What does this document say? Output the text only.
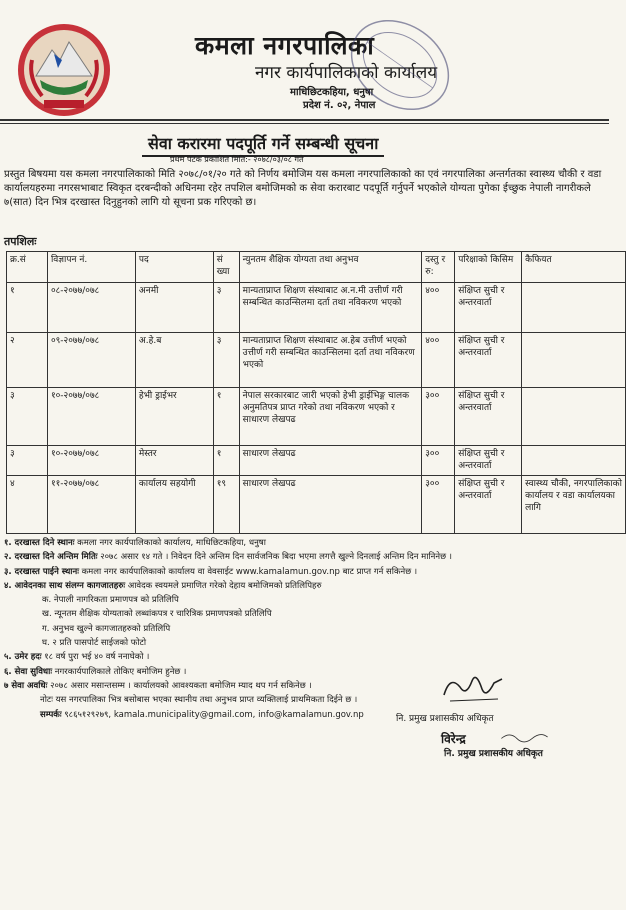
कमला नगरपालिका
नगर कार्यपालिकाको कार्यालय
माधिछिटकहिया, धनुषा
प्रदेश नं. ०२, नेपाल
सेवा करारमा पदपूर्ति गर्ने सम्बन्धी सूचना
प्रथम पटक प्रकाशित मिति:- २०७८/०३/०८ गते
प्रस्तुत बिषयमा यस कमला नगरपालिकाको मिति २०७८/०१/२० गते को निर्णय बमोजिम यस कमला नगरपालिकाको का एवं नगरपालिका अन्तर्गतका स्वास्थ्य चौकी र वडा कार्यालयहरुमा नगरसभाबाट स्विकृत दरबन्दीको अधिनमा रहेर तपशिल बमोजिमको क सेवा करारबाट पदपूर्ति गर्नुपर्ने भएकोले योग्यता पुगेका ईच्छुक नेपाली नागरीकले ७(सात) दिन भित्र दरखास्त दिनुहुनको लागि यो सूचना प्रक गरिएको छ।
तपशिलः
क्र.सं	विज्ञापन नं.	पद	सं ख्या	न्युनतम शैक्षिक योग्यता तथा अनुभव	दस्तु र रु:	परिक्षाको किसिम	कैफियत
१	०८-२०७७/०७८	अनमी	३	मान्यताप्राप्त शिक्षण संस्थाबाट अ.न.मी उत्तीर्ण गरी सम्बन्धित काउन्सिलमा दर्ता तथा नविकरण भएको	४००	संक्षिप्त सुची र अन्तरवार्ता	
२	०९-२०७७/०७८	अ.हे.ब	३	मान्यताप्राप्त शिक्षण संस्थाबाट अ.हेब उत्तीर्ण भएको उत्तीर्ण गरी सम्बन्धित काउन्सिलमा दर्ता तथा नविकरण भएको	४००	संक्षिप्त सुची र अन्तरवार्ता	
३	१०-२०७७/०७८	हेभी ड्राईभर	१	नेपाल सरकारबाट जारी भएको हेभी ड्राईभिङ्ग चालक अनुमतिपत्र प्राप्त गरेको तथा नविकरण भएको र साधारण लेखपढ	३००	संक्षिप्त सुची र अन्तरवार्ता	
३	१०-२०७७/०७८	मेस्तर	१	साधारण लेखपढ	३००	संक्षिप्त सुची र अन्तरवार्ता	
४	११-२०७७/०७८	कार्यालय सहयोगी	१९	साधारण लेखपढ	३००	संक्षिप्त सुची र अन्तरवार्ता	स्वास्थ्य चौकी, नगरपालिकाको कार्यालय र वडा कार्यालयका लागि
१. दरखास्त दिने स्थानः कमला नगर कार्यपालिकाको कार्यालय, माधिछिटकहिया, धनुषा
२. दरखास्त दिने अन्तिम मितिः २०७८ असार १४ गते । निवेदन दिने अन्तिम दिन सार्वजनिक बिदा भएमा लगत्तै खुल्ने दिनलाई अन्तिम दिन मानिनेछ ।
३. दरखास्त पाईने स्थानः कमला नगर कार्यपालिकाको कार्यालय वा वेवसाईट www.kamalamun.gov.np बाट प्राप्त गर्न सकिनेछ ।
४. आवेदनका साथ संलग्न कागजातहरुः आवेदक स्वयमले प्रमाणित गरेको देहाय बमोजिमको प्रतिलिपिहरु
क. नेपाली नागरिकता प्रमाणपत्र को प्रतिलिपि
ख. न्यूनतम शैक्षिक योग्यताको लब्धांकपत्र र चारित्रिक प्रमाणपत्रको प्रतिलिपि
ग. अनुभव खुल्ने कागजातहरुको प्रतिलिपि
घ. २ प्रति पासपोर्ट साईजको फोटो
५. उमेर हदः १८ वर्ष पुरा भई ४० वर्ष ननाघेको ।
६. सेवा सुविधाः नगरकार्यपालिकाले तोकिए बमोजिम हुनेछ ।
७ सेवा अवधिः २०७८ असार मसान्तसम्म । कार्यालयको आवश्यकता बमोजिम म्याद थप गर्न सकिनेछ ।
नोटः यस नगरपालिका भित्र बसोबास भएका स्थानीय तथा अनुभव प्राप्त व्यक्तिलाई प्राथमिकता दिईने छ ।
सम्पर्कः ९८६५१२९२७९, kamala.municipality@gmail.com, info@kamalamun.gov.np	नि. प्रमुख प्रशासकीय अधिकृत
विरेन्द्र
नि. प्रमुख प्रशासकीय अधिकृत
